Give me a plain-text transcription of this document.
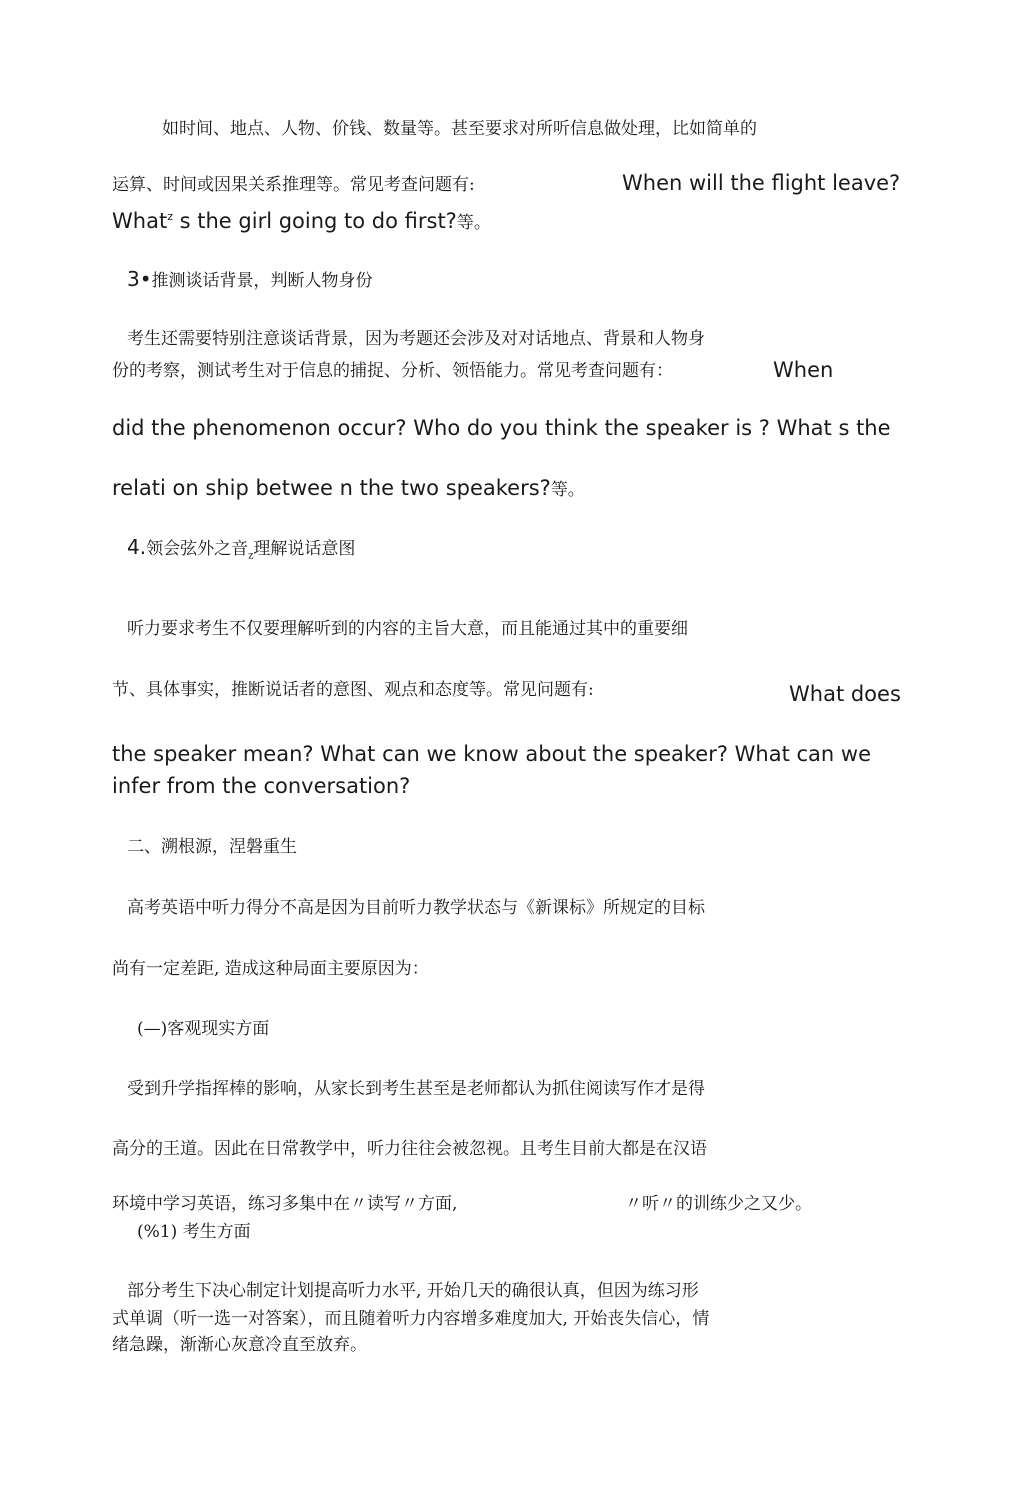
如时间、地点、人物、价钱、数量等。甚至要求对所听信息做处理，比如简单的
运算、时间或因果关系推理等。常见考查问题有:	When will the flight leave?
What$^z$ s the girl going to do first?等。
3•推测谈话背景，判断人物身份
考生还需要特别注意谈话背景，因为考题还会涉及对对话地点、背景和人物身
份的考察，测试考生对于信息的捕捉、分析、领悟能力。常见考查问题有：	When
did the phenomenon occur? Who do you think the speaker is ? What s the
relati on ship betwee n the two speakers?等。
4.领会弦外之音$_z$理解说话意图
听力要求考生不仅要理解听到的内容的主旨大意，而且能通过其中的重要细
节、具体事实，推断说话者的意图、观点和态度等。常见问题有:	What does
the speaker mean? What can we know about the speaker? What can we
infer from the conversation?
二、溯根源，涅磐重生
高考英语中听力得分不高是因为目前听力教学状态与《新课标》所规定的目标
尚有一定差距, 造成这种局面主要原因为：
(—)客观现实方面
受到升学指挥棒的影响，从家长到考生甚至是老师都认为抓住阅读写作才是得
高分的王道。因此在日常教学中，听力往往会被忽视。且考生目前大都是在汉语
环境中学习英语，练习多集中在〃读写〃方面,	〃听〃的训练少之又少。
(%1) 考生方面
部分考生下决心制定计划提高听力水平, 开始几天的确很认真，但因为练习形
式单调（听一选一对答案），而且随着听力内容增多难度加大, 开始丧失信心，情
绪急躁，渐渐心灰意冷直至放弃。
